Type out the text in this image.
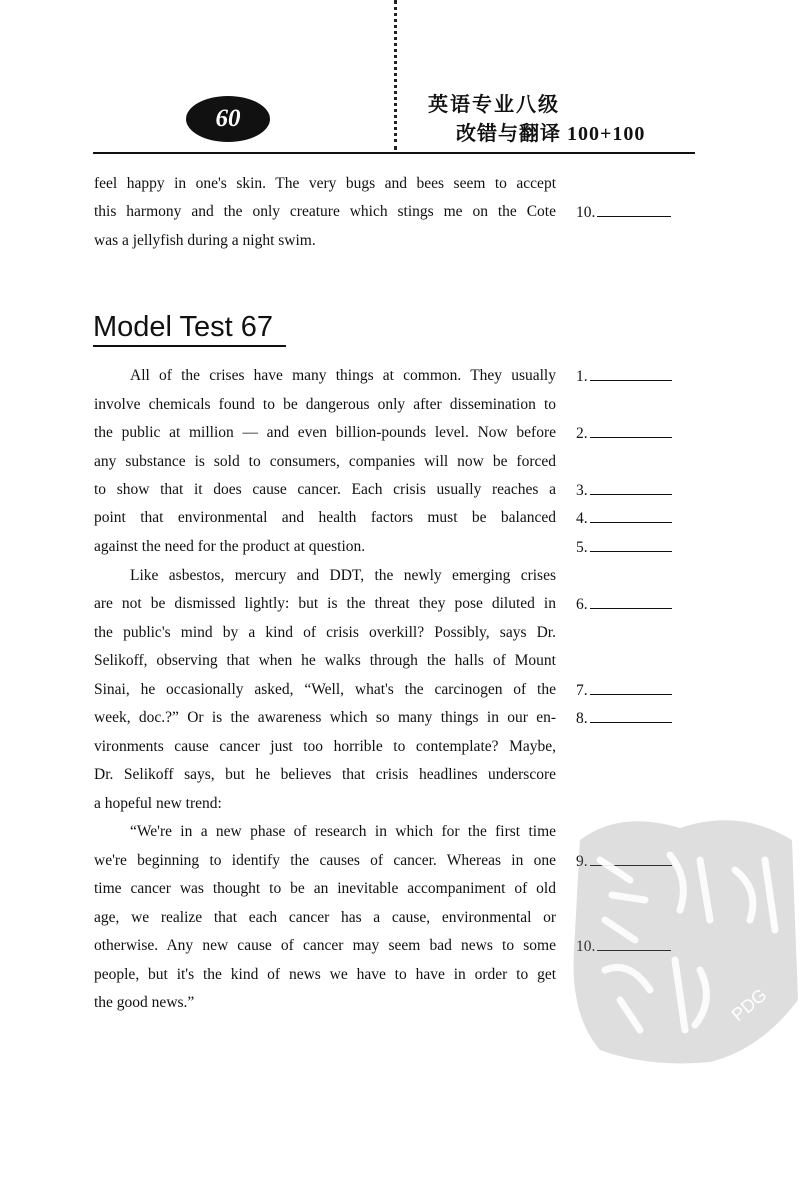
60	英语专业八级
改错与翻译 100+100
feel happy in one's skin. The very bugs and bees seem to accept
this harmony and the only creature which stings me on the Cote
was a jellyfish during a night swim.
10.
Model Test 67
All of the crises have many things at common. They usually
involve chemicals found to be dangerous only after dissemination to
the public at million — and even billion-pounds level. Now before
any substance is sold to consumers, companies will now be forced
to show that it does cause cancer. Each crisis usually reaches a
point that environmental and health factors must be balanced
against the need for the product at question.
Like asbestos, mercury and DDT, the newly emerging crises
are not be dismissed lightly: but is the threat they pose diluted in
the public's mind by a kind of crisis overkill? Possibly, says Dr.
Selikoff, observing that when he walks through the halls of Mount
Sinai, he occasionally asked, “Well, what's the carcinogen of the
week, doc.?” Or is the awareness which so many things in our en-
vironments cause cancer just too horrible to contemplate? Maybe,
Dr. Selikoff says, but he believes that crisis headlines underscore
a hopeful new trend:
“We're in a new phase of research in which for the first time
we're beginning to identify the causes of cancer. Whereas in one
time cancer was thought to be an inevitable accompaniment of old
age, we realize that each cancer has a cause, environmental or
otherwise. Any new cause of cancer may seem bad news to some
people, but it's the kind of news we have to have in order to get
the good news.”
1.
2.
3.
4.
5.
6.
7.
8.
9.
10.
PDG
